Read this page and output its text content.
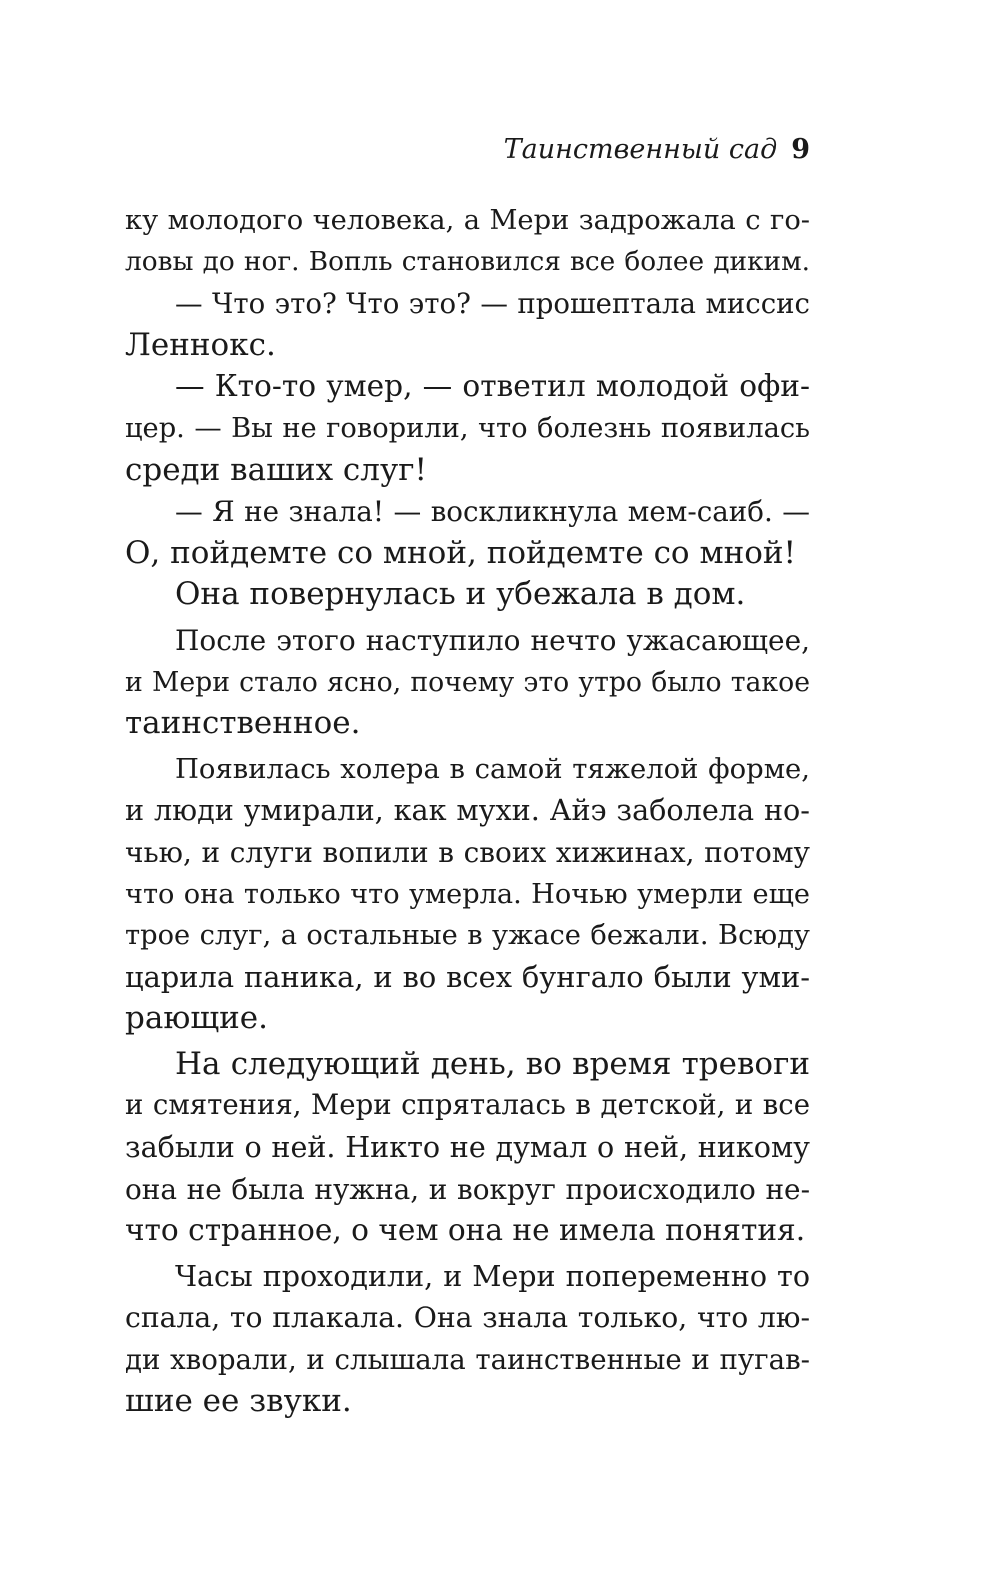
Таинственный сад 9
ку молодого человека, а Мери задрожала с го-
ловы до ног. Вопль становился все более диким.
— Что это? Что это? — прошептала миссис
Леннокс.
— Кто-то умер, — ответил молодой офи-
цер. — Вы не говорили, что болезнь появилась
среди ваших слуг!
— Я не знала! — воскликнула мем-саиб. —
О, пойдемте со мной, пойдемте со мной!
Она повернулась и убежала в дом.
После этого наступило нечто ужасающее,
и Мери стало ясно, почему это утро было такое
таинственное.
Появилась холера в самой тяжелой форме,
и люди умирали, как мухи. Айэ заболела но-
чью, и слуги вопили в своих хижинах, потому
что она только что умерла. Ночью умерли еще
трое слуг, а остальные в ужасе бежали. Всюду
царила паника, и во всех бунгало были уми-
рающие.
На следующий день, во время тревоги
и смятения, Мери спряталась в детской, и все
забыли о ней. Никто не думал о ней, никому
она не была нужна, и вокруг происходило не-
что странное, о чем она не имела понятия.
Часы проходили, и Мери попеременно то
спала, то плакала. Она знала только, что лю-
ди хворали, и слышала таинственные и пугав-
шие ее звуки.
